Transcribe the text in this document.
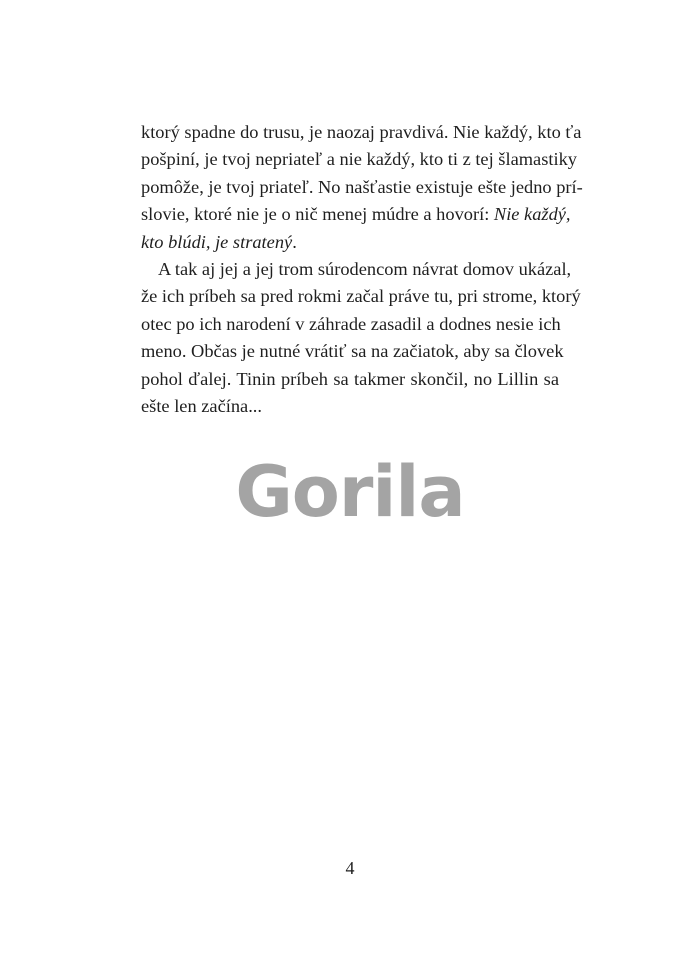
ktorý spadne do trusu, je naozaj pravdivá. Nie každý, kto ťa
pošpiní, je tvoj nepriateľ a nie každý, kto ti z tej šlamastiky
pomôže, je tvoj priateľ. No našťastie existuje ešte jedno prí-
slovie, ktoré nie je o nič menej múdre a hovorí: Nie každý,
kto blúdi, je stratený.
A tak aj jej a jej trom súrodencom návrat domov ukázal,
že ich príbeh sa pred rokmi začal práve tu, pri strome, ktorý
otec po ich narodení v záhrade zasadil a dodnes nesie ich
meno. Občas je nutné vrátiť sa na začiatok, aby sa človek
pohol ďalej. Tinin príbeh sa takmer skončil, no Lillin sa
ešte len začína...
Gorila
4
